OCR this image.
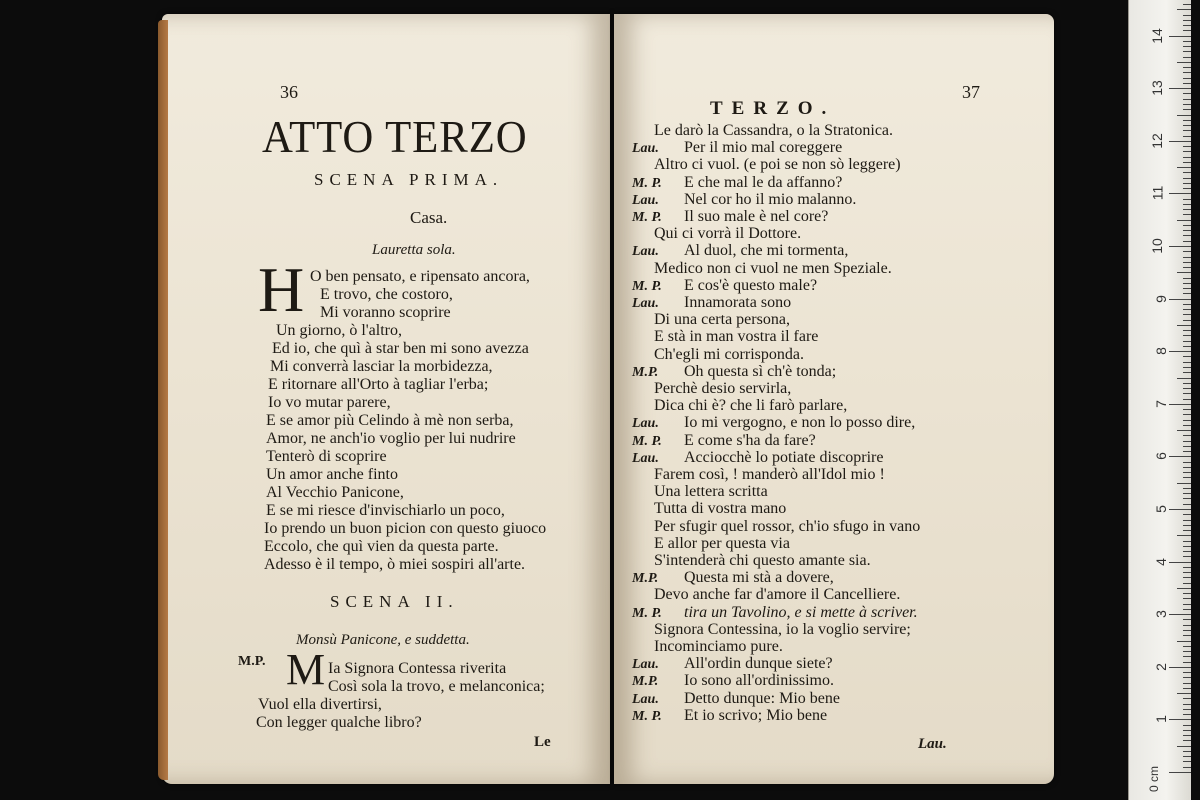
0 cm
1
2
3
4
5
6
7
8
9
10
11
12
13
14
36
ATTO TERZO
SCENA PRIMA.
Casa.
Lauretta sola.
H O ben pensato, e ripensato ancora,
E trovo, che costoro,
Mi voranno scoprire
Un giorno, ò l'altro,
Ed io, che quì à star ben mi sono avezza
Mi converrà lasciar la morbidezza,
E ritornare all'Orto à tagliar l'erba;
Io vo mutar parere,
E se amor più Celindo à mè non serba,
Amor, ne anch'io voglio per lui nudrire
Tenterò di scoprire
Un amor anche finto
Al Vecchio Panicone,
E se mi riesce d'invischiarlo un poco,
Io prendo un buon picion con questo giuoco
Eccolo, che quì vien da questa parte.
Adesso è il tempo, ò miei sospiri all'arte.
SCENA II.
Monsù Panicone, e suddetta.
M.P. M Ia Signora Contessa riverita
Così sola la trovo, e melanconica;
Vuol ella divertirsi,
Con legger qualche libro?
Le
TERZO.
37
Le darò la Cassandra, o la Stratonica.
Lau. Per il mio mal coreggere
Altro ci vuol. (e poi se non sò leggere)
M. P. E che mal le da affanno?
Lau. Nel cor ho il mio malanno.
M. P. Il suo male è nel core?
Qui ci vorrà il Dottore.
Lau. Al duol, che mi tormenta,
Medico non ci vuol ne men Speziale.
M. P. E cos'è questo male?
Lau. Innamorata sono
Di una certa persona,
E stà in man vostra il fare
Ch'egli mi corrisponda.
M.P. Oh questa sì ch'è tonda;
Perchè desio servirla,
Dica chi è? che li farò parlare,
Lau. Io mi vergogno, e non lo posso dire,
M. P. E come s'ha da fare?
Lau. Acciocchè lo potiate discoprire
Farem così, ! manderò all'Idol mio !
Una lettera scritta
Tutta di vostra mano
Per sfugir quel rossor, ch'io sfugo in vano
E allor per questa via
S'intenderà chi questo amante sia.
M.P. Questa mi stà a dovere,
Devo anche far d'amore il Cancelliere.
M. P. tira un Tavolino, e si mette à scriver.
Signora Contessina, io la voglio servire;
Incominciamo pure.
Lau. All'ordin dunque siete?
M.P. Io sono all'ordinissimo.
Lau. Detto dunque: Mio bene
M. P. Et io scrivo; Mio bene
Lau.
